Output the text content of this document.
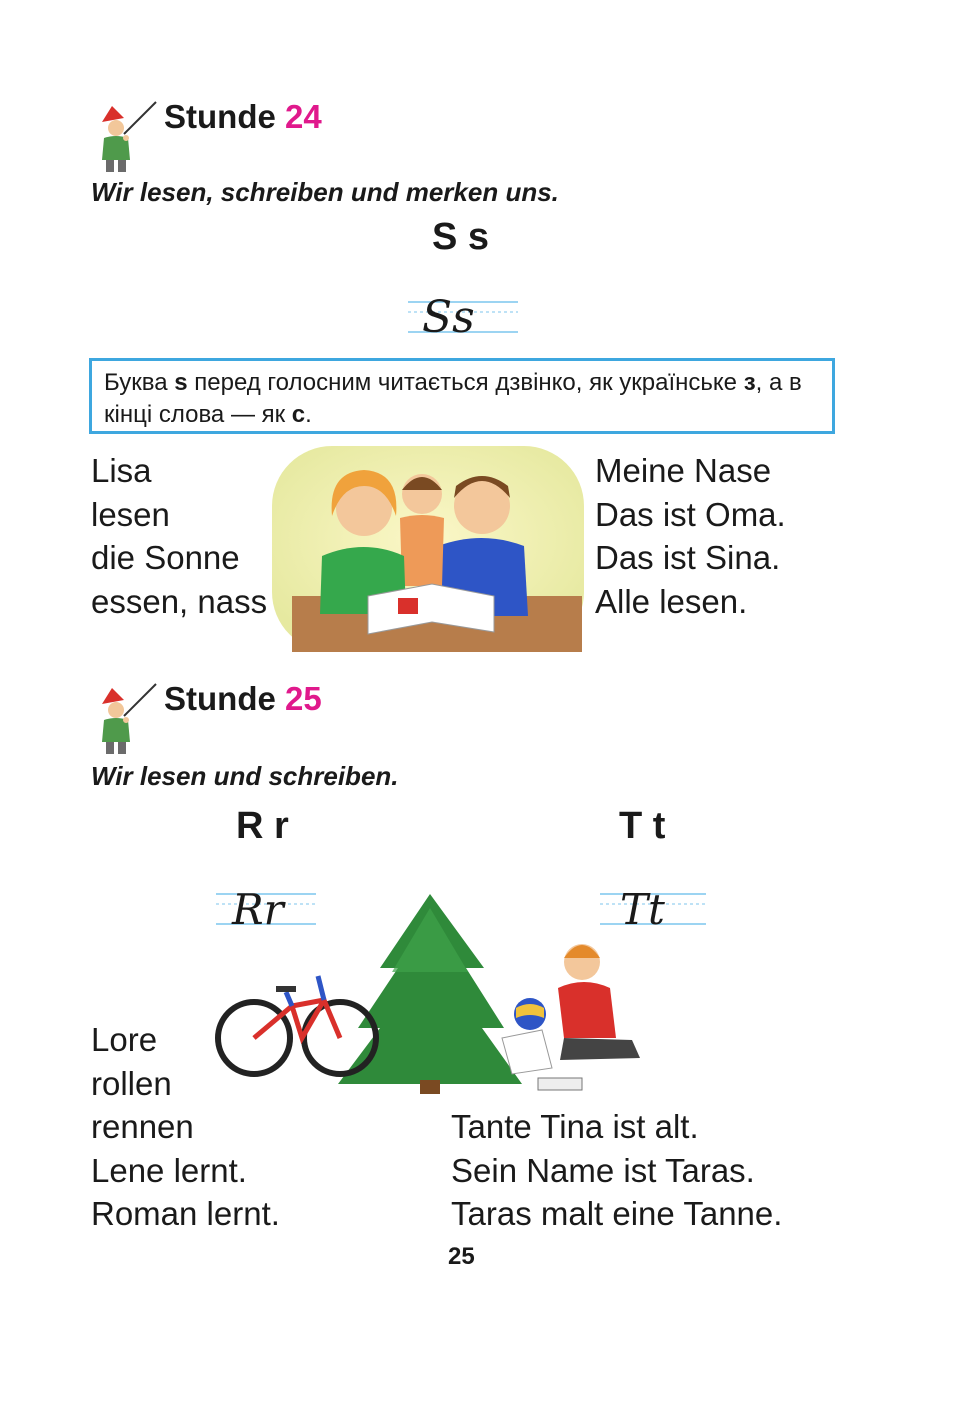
Stunde 24
Wir lesen, schreiben und merken uns.
S s
Ss
Буква s перед голосним читається дзвінко, як українське з, а в кінці слова — як с.
Lisa
lesen
die Sonne
essen, nass
Meine Nase
Das ist Oma.
Das ist Sina.
Alle lesen.
Stunde 25
Wir lesen und schreiben.
R r	T t
Rr	Tt
Lore
rollen
rennen
Lene lernt.
Roman lernt.
Tante Tina ist alt.
Sein Name ist Taras.
Taras malt eine Tanne.
25
